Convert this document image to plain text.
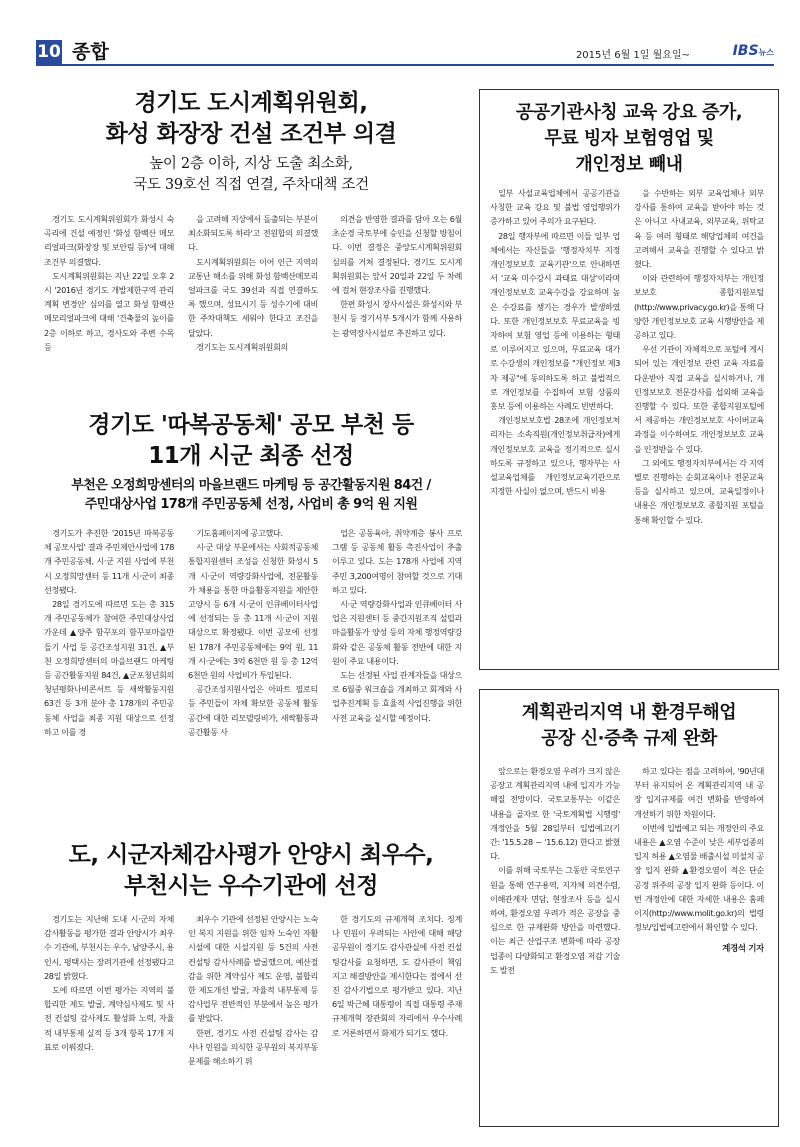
10 종합	2015년 6월 1일 월요일~	IBS뉴스
경기도 도시계획위원회,
화성 화장장 건설 조건부 의결
높이 2층 이하, 지상 도출 최소화,
국도 39호선 직접 연결, 주차대책 조건

경기도 도시계획위원회가 화성시 숙곡리에 건설 예정인 '화성 함백산 메모리얼파크(화장장 및 보안림 등)'에 대해 조건부 의결했다.

도시계획위원회는 지난 22일 오후 2시 '2016년 경기도 개발제한구역 관리계획 변경안' 심의를 열고 화성 함백산 메모리얼파크에 대해 '건축물의 높이를 2층 이하로 하고, 경사도와 주변 수목 등

을 고려해 지상에서 돌출되는 부분이 최소화되도록 하라'고 전원합의 의결했다.

도시계획위원회는 이어 인근 지역의 교통난 해소를 위해 화성 함백산메모리얼파크를 국도 39선과 직접 연결하도록 했으며, 성묘시기 등 성수기에 대비한 주차대책도 세워야 한다고 조건을 달았다.

경기도는 도시계획위원회의

의견을 반영한 결과를 담아 오는 6월 초순경 국토부에 승인을 신청할 방침이다. 이번 결정은 중앙도시계획위원회 심의를 거쳐 결정된다. 경기도 도시계획위원회는 앞서 20일과 22일 두 차례에 걸쳐 현장조사를 진행했다.

한편 화성시 장사시설은 화성시와 부천시 등 경기서부 5개시가 함께 사용하는 광역장사시설로 추진하고 있다.

경기도 '따복공동체' 공모 부천 등
11개 시군 최종 선정
부천은 오정희망센터의 마을브랜드 마케팅 등 공간활동지원 84건 /
주민대상사업 178개 주민공동체 선정, 사업비 총 9억 원 지원

경기도가 추진한 '2015년 따복공동체 공모사업' 결과 주민제안사업에 178개 주민공동체, 시·군 지원 사업에 부천시 오정희망센터 등 11개 시·군이 최종 선정됐다.

28일 경기도에 따르면 도는 총 315개 주민공동체가 참여한 주민대상사업 가운데 ▲양주 함꾸포의 함꾸포마을만들기 사업 등 공간조성지원 31건, ▲부천 오정희망센터의 마을브랜드 마케팅 등 공간활동지원 84건, ▲군포청년회의 청년평화나비콘서트 등 새싹활동지원 63건 등 3개 분야 총 178개의 주민공동체 사업을 최종 지원 대상으로 선정하고 이를 경

기도홈페이지에 공고했다.

시·군 대상 부문에서는 사회적공동체통합지원센터 조성을 신청한 화성시 5개 시·군이 역량강화사업에, 전문활동가 채용을 통한 마을활동지원을 제안한 고양시 등 6개 시·군이 인큐베이터사업에 선정되는 등 총 11개 시·군이 지원 대상으로 확정됐다. 이번 공모에 선정된 178개 주민공동체에는 9억 원, 11개 시·군에는 3억 6천만 원 등 총 12억 6천만 원의 사업비가 투입된다.

공간조성지원사업은 아파트 필로티 등 주민들이 자체 확보한 공동체 활동공간에 대한 리모델링비가, 새싹활동과 공간활동 사

업은 공동육아, 취약계층 봉사 프로그램 등 공동체 활동 촉진사업이 추출 이루고 있다. 도는 178개 사업에 지역주민 3,200여명이 참여할 것으로 기대하고 있다.

시·군 역량강화사업과 인큐베이터 사업은 지원센터 등 중간지원조직 설립과 마을활동가 양성 등의 자체 행정역량강화와 같은 공동체 활동 전반에 대한 지원이 주요 내용이다.

도는 선정된 사업 관계자들을 대상으로 6월중 워크숍을 개최하고 회계와 사업추진계획 등 효율적 사업진행을 위한 사전 교육을 실시할 예정이다.

도, 시군자체감사평가 안양시 최우수,
부천시는 우수기관에 선정

경기도는 지난해 도내 시·군의 자체감사활동을 평가한 결과 안양시가 최우수 기관에, 부천시는 우수, 남양주시, 용인시, 평택시는 장려기관에 선정됐다고 28일 밝혔다.

도에 따르면 이번 평가는 지역의 불합리한 제도 발굴, 계약심사제도 및 사전 컨설팅 감사제도 활성화 노력, 자율적 내부통제 실적 등 3개 항목 17개 지표로 이뤄졌다.

최우수 기관에 선정된 안양시는 노숙인 복지 지원을 위한 임차 노숙인 자활시설에 대한 시설지원 등 5건의 사전 컨설팅 감사사례를 발굴했으며, 예산절감을 위한 계약심사 제도 운영, 불합리한 제도개선 발굴, 자율적 내부통제 등 감사업무 전반적인 부분에서 높은 평가를 받았다.

한편, 경기도 사전 컨설팅 감사는 감사나 민원을 의식한 공무원의 복지부동 문제를 해소하기 위

한 경기도의 규제개혁 조치다. 징계나 민원이 우려되는 사안에 대해 해당 공무원이 경기도 감사관실에 사전 컨설팅감사를 요청하면, 도 감사관이 책임지고 해결방안을 제시한다는 점에서 선진 감사기법으로 평가받고 있다. 지난 6일 박근혜 대통령이 직접 대통령 주재 규제개혁 장관회의 자리에서 우수사례로 거론하면서 화제가 되기도 했다.

공공기관사칭 교육 강요 증가,
무료 빙자 보험영업 및
개인정보 빼내

일부 사설교육업체에서 공공기관을 사칭한 교육 강요 및 불법 영업행위가 증가하고 있어 주의가 요구된다.

28일 행자부에 따르면 이들 일부 업체에서는 자신들을 '행정자치부 지정 개인정보보호 교육기관'으로 안내하면서 '교육 미수강시 과태료 대상'이라며 개인정보보호 교육수강을 강요하며 높은 수강료를 챙기는 경우가 발생하였다. 또한 개인정보보호 무료교육을 빙자하여 보험 영업 등에 이용하는 형태로 이루어지고 있으며, 무료교육 대가로 수강생의 개인정보를 "개인정보 제3자 제공"에 동의하도록 하고 불법적으로 개인정보를 수집하여 보험 상품의 홍보 등에 이용하는 사례도 빈번하다.

개인정보보호법 28조에 개인정보처리자는 소속직원(개인정보취급자)에게 개인정보보호 교육을 정기적으로 실시하도록 규정하고 있으나, 행자부는 사설교육업체를 개인정보교육기관으로 지정한 사실이 없으며, 반드시 비용

을 수반하는 외부 교육업체나 외부 강사를 통하여 교육을 받아야 하는 것은 아니고 사내교육, 외부교육, 위탁교육 등 여러 형태로 해당업체의 여건을 고려해서 교육을 진행할 수 있다고 밝혔다.

이와 관련하여 행정자치부는 개인정보보호 종합지원포털(http://www.privacy.go.kr)을 통해 다양한 개인정보보호 교육 시행방안을 제공하고 있다.

우선 기관이 자체적으로 포털에 게시되어 있는 개인정보 관련 교육 자료를 다운받아 직접 교육을 실시하거나, 개인정보보호 전문강사를 섭외해 교육을 진행할 수 있다. 또한 종합지원포털에서 제공하는 개인정보보호 사이버교육 과정을 이수하여도 개인정보보호 교육을 인정받을 수 있다.

그 외에도 행정자치부에서는 각 지역별로 진행하는 순회교육이나 전문교육 등을 실시하고 있으며, 교육일정이나 내용은 개인정보보호 종합지원 포털을 통해 확인할 수 있다.

계획관리지역 내 환경무해업
공장 신·증축 규제 완화

앞으로는 환경오염 우려가 크지 않은 공장고 계획관리지역 내에 입지가 가능해질 전망이다. 국토교통부는 이같은 내용을 골자로 한 '국토계획법 시행령' 개정안을 5월 28일부터 입법예고(기간: '15.5.28 ~ '15.6.12) 한다고 밝혔다.

이를 위해 국토부는 그동안 국토연구원을 통해 연구용역, 지자체 의견수렴, 이해관계자 면담, 현장조사 등을 실시하여, 환경오염 우려가 적은 공장을 중심으로 한 규제완화 방안을 마련했다. 이는 최근 산업구조 변화에 따라 공장 업종이 다양화되고 환경오염 저감 기술도 발전

하고 있다는 점을 고려하여, '90년대부터 유지되어 온 계획관리지역 내 공장 입지규제를 여건 변화를 반영하여 개선하기 위한 차원이다.

이번에 입법예고 되는 개정안의 주요내용은 ▲오염 수준이 낮은 세부업종의 입지 허용 ▲오염물 배출시설 미설치 공장 입지 완화 ▲환경오염이 적은 단순 공정 위주의 공장 입지 완화 등이다. 이번 개정안에 대한 자세한 내용은 홈페이지(http://www.molit.go.kr)의 법령정보/입법예고란에서 확인할 수 있다.

계경석 기자
